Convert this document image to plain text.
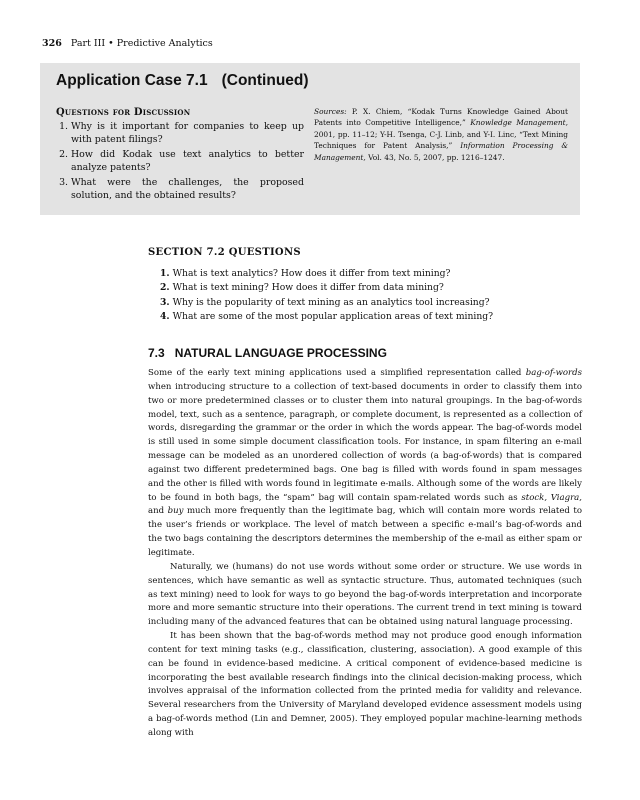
326 Part III • Predictive Analytics
Application Case 7.1 (Continued)
Questions for Discussion
1. Why is it important for companies to keep up with patent filings?
2. How did Kodak use text analytics to better analyze patents?
3. What were the challenges, the proposed solution, and the obtained results?
Sources: P. X. Chiem, “Kodak Turns Knowledge Gained About Patents into Competitive Intelligence,” Knowledge Management, 2001, pp. 11–12; Y-H. Tsenga, C-J. Linb, and Y-I. Linc, “Text Mining Techniques for Patent Analysis,” Information Processing & Management, Vol. 43, No. 5, 2007, pp. 1216–1247.
SECTION 7.2 QUESTIONS
1. What is text analytics? How does it differ from text mining?
2. What is text mining? How does it differ from data mining?
3. Why is the popularity of text mining as an analytics tool increasing?
4. What are some of the most popular application areas of text mining?
7.3 NATURAL LANGUAGE PROCESSING

Some of the early text mining applications used a simplified representation called bag-of-words when introducing structure to a collection of text-based documents in order to classify them into two or more predetermined classes or to cluster them into natural groupings. In the bag-of-words model, text, such as a sentence, paragraph, or complete document, is represented as a collection of words, disregarding the grammar or the order in which the words appear. The bag-of-words model is still used in some simple document classification tools. For instance, in spam filtering an e-mail message can be modeled as an unordered collection of words (a bag-of-words) that is compared against two different predetermined bags. One bag is filled with words found in spam messages and the other is filled with words found in legitimate e-mails. Although some of the words are likely to be found in both bags, the “spam” bag will contain spam-related words such as stock, Viagra, and buy much more frequently than the legitimate bag, which will contain more words related to the user’s friends or workplace. The level of match between a specific e-mail’s bag-of-words and the two bags containing the descriptors determines the membership of the e-mail as either spam or legitimate.

Naturally, we (humans) do not use words without some order or structure. We use words in sentences, which have semantic as well as syntactic structure. Thus, automated techniques (such as text mining) need to look for ways to go beyond the bag-of-words interpretation and incorporate more and more semantic structure into their operations. The current trend in text mining is toward including many of the advanced features that can be obtained using natural language processing.

It has been shown that the bag-of-words method may not produce good enough information content for text mining tasks (e.g., classification, clustering, association). A good example of this can be found in evidence-based medicine. A critical component of evidence-based medicine is incorporating the best available research findings into the clinical decision-making process, which involves appraisal of the information collected from the printed media for validity and relevance. Several researchers from the University of Maryland developed evidence assessment models using a bag-of-words method (Lin and Demner, 2005). They employed popular machine-learning methods along with
